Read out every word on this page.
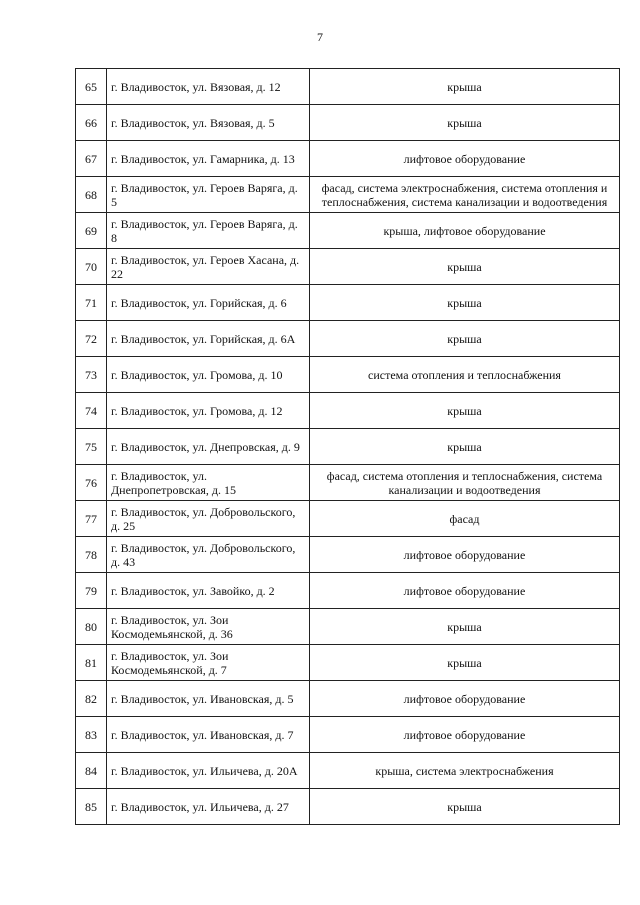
7
65	г. Владивосток, ул. Вязовая, д. 12	крыша
66	г. Владивосток, ул. Вязовая, д. 5	крыша
67	г. Владивосток, ул. Гамарника, д. 13	лифтовое оборудование
68	г. Владивосток, ул. Героев Варяга, д. 5	фасад, система электроснабжения, система отопления и теплоснабжения, система канализации и водоотведения
69	г. Владивосток, ул. Героев Варяга, д. 8	крыша, лифтовое оборудование
70	г. Владивосток, ул. Героев Хасана, д. 22	крыша
71	г. Владивосток, ул. Горийская, д. 6	крыша
72	г. Владивосток, ул. Горийская, д. 6А	крыша
73	г. Владивосток, ул. Громова, д. 10	система отопления и теплоснабжения
74	г. Владивосток, ул. Громова, д. 12	крыша
75	г. Владивосток, ул. Днепровская, д. 9	крыша
76	г. Владивосток, ул. Днепропетровская, д. 15	фасад, система отопления и теплоснабжения, система канализации и водоотведения
77	г. Владивосток, ул. Добровольского, д. 25	фасад
78	г. Владивосток, ул. Добровольского, д. 43	лифтовое оборудование
79	г. Владивосток, ул. Завойко, д. 2	лифтовое оборудование
80	г. Владивосток, ул. Зои Космодемьянской, д. 36	крыша
81	г. Владивосток, ул. Зои Космодемьянской, д. 7	крыша
82	г. Владивосток, ул. Ивановская, д. 5	лифтовое оборудование
83	г. Владивосток, ул. Ивановская, д. 7	лифтовое оборудование
84	г. Владивосток, ул. Ильичева, д. 20А	крыша, система электроснабжения
85	г. Владивосток, ул. Ильичева, д. 27	крыша
